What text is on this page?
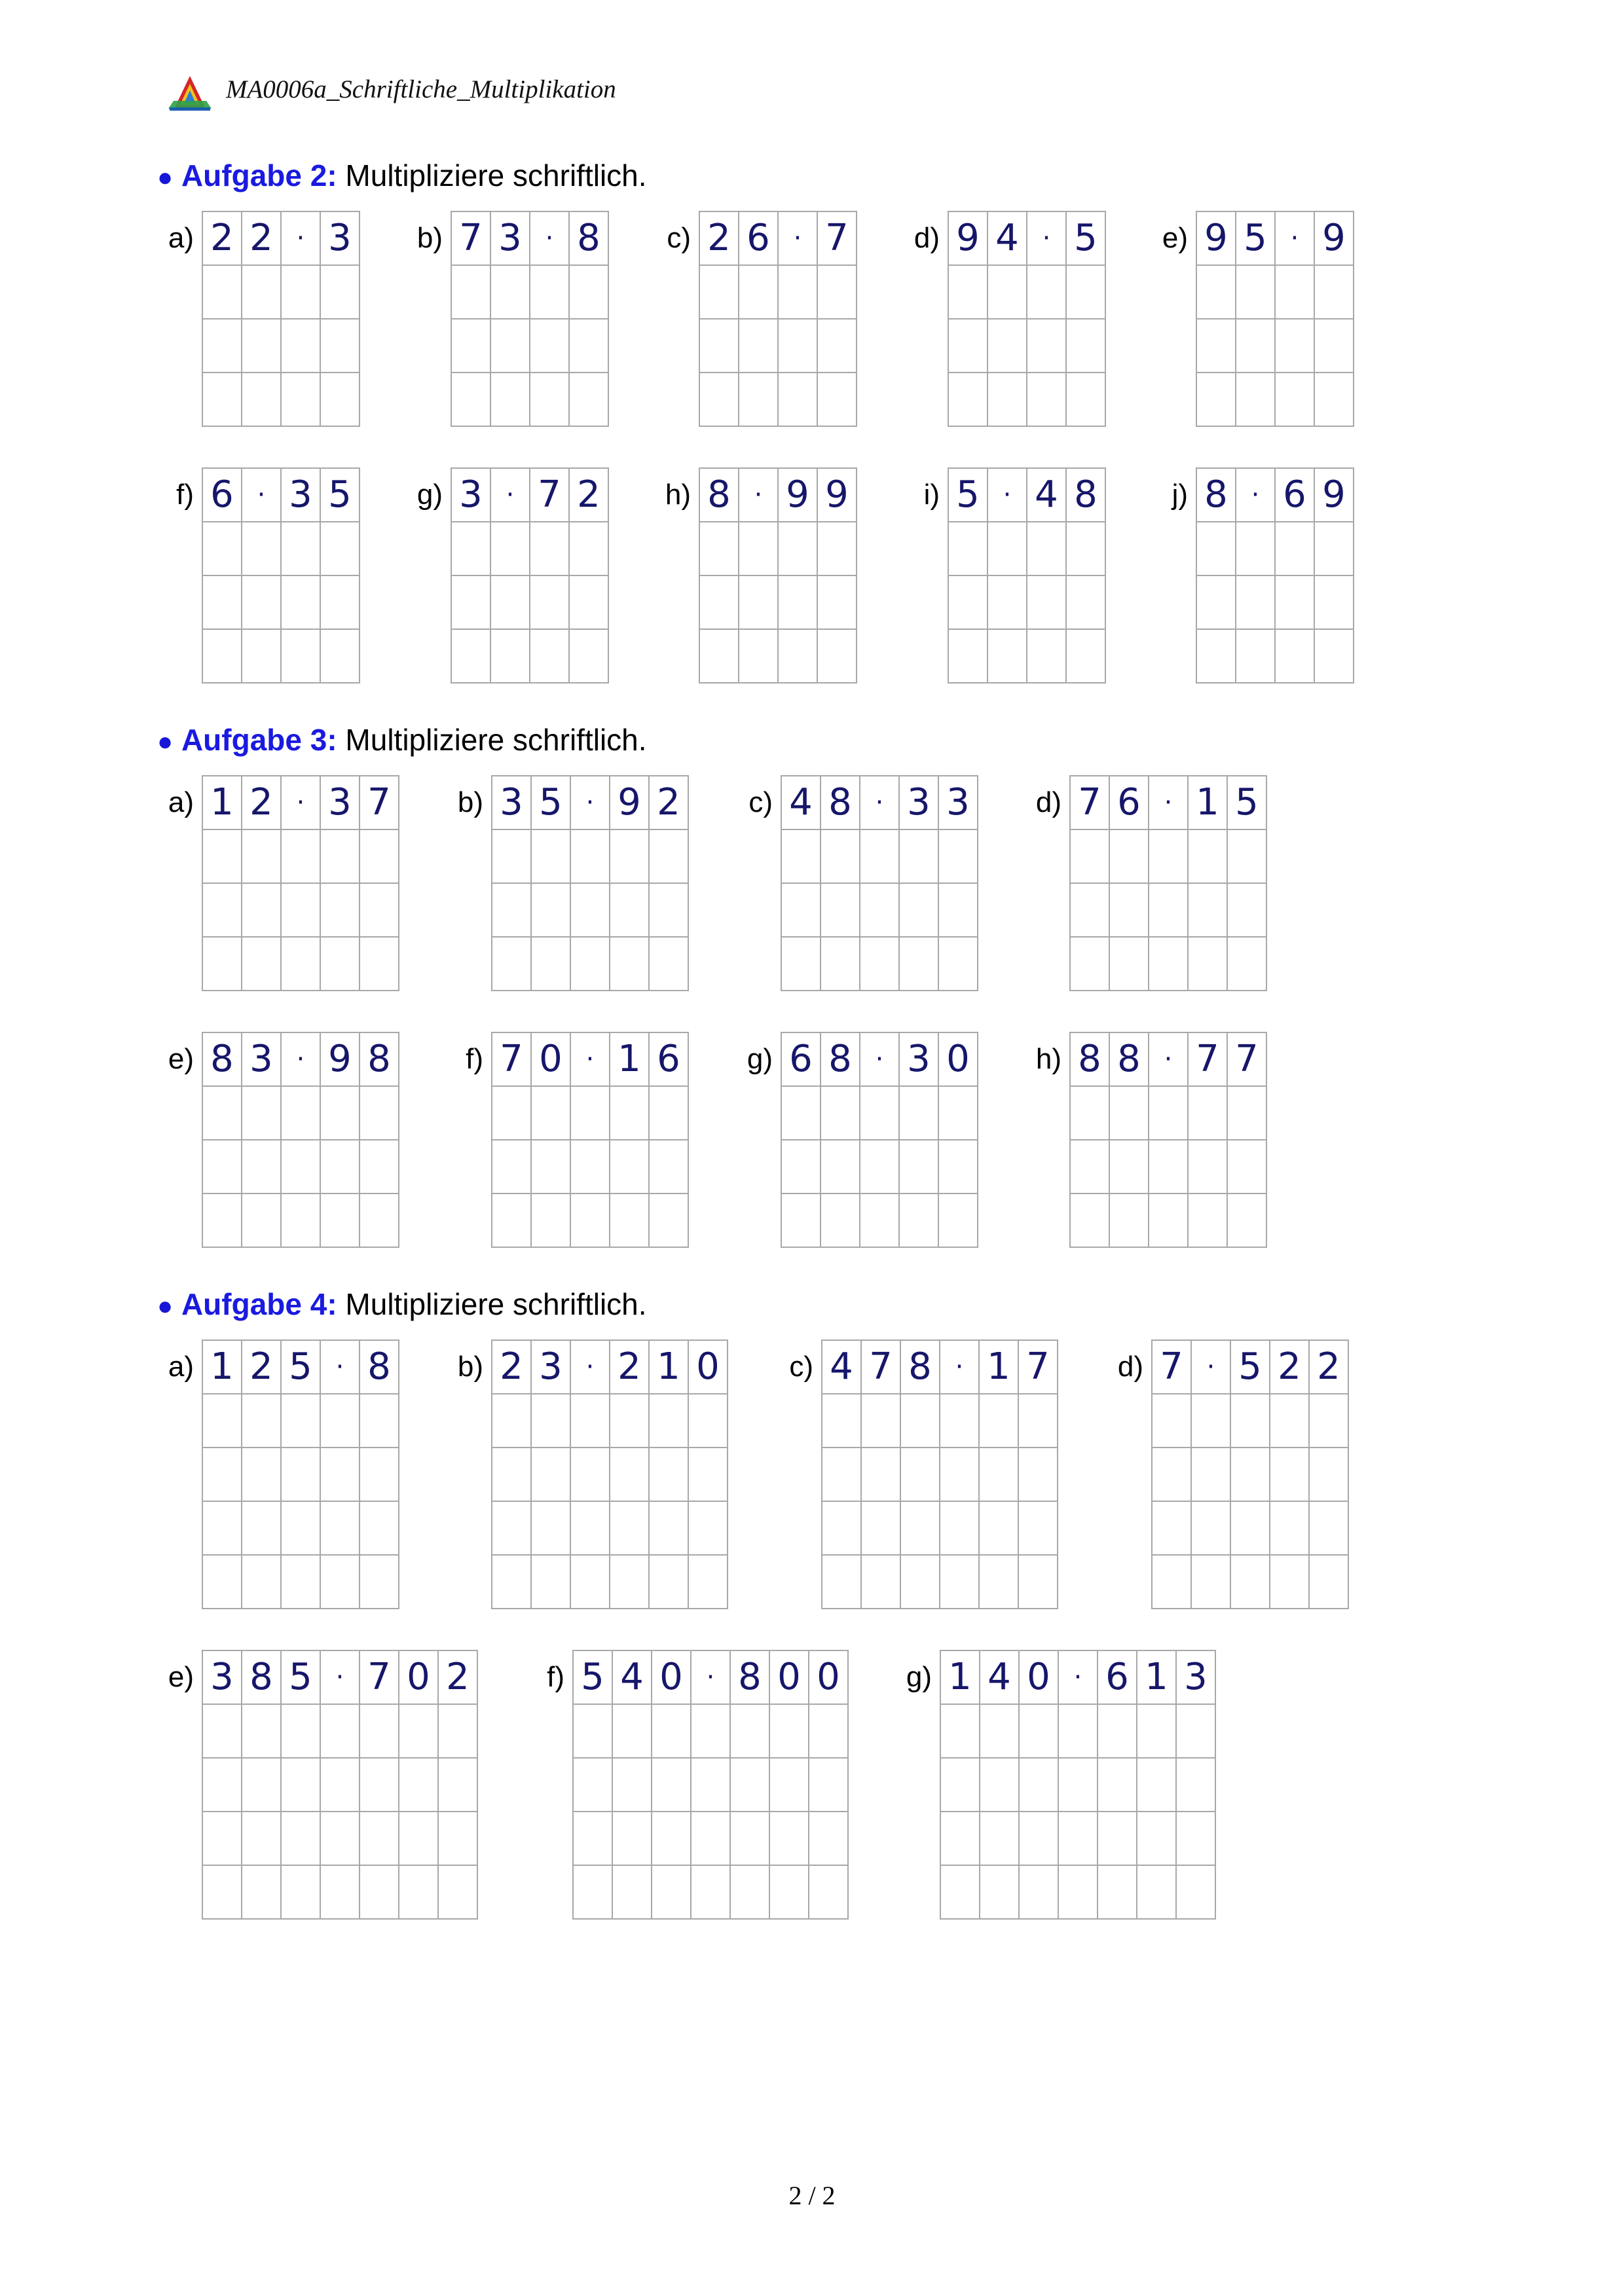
MA0006a_Schriftliche_Multiplikation
● Aufgabe 2: Multipliziere schriftlich.
a) 2 2 · 3 b) 7 3 · 8 c) 2 6 · 7 d) 9 4 · 5 e) 9 5 · 9
f) 6 · 3 5 g) 3 · 7 2 h) 8 · 9 9	i) 5 · 4 8	j) 8 · 6 9
● Aufgabe 3: Multipliziere schriftlich.
a) 1 2 · 3 7 b) 3 5 · 9 2 c) 4 8 · 3 3 d) 7 6 · 1 5
e) 8 3 · 9 8	f) 7 0 · 1 6 g) 6 8 · 3 0 h) 8 8 · 7 7
● Aufgabe 4: Multipliziere schriftlich.
a) 1 2 5 · 8 b) 2 3 · 2 1 0 c) 4 7 8 · 1 7 d) 7 · 5 2 2
e) 3 8 5 · 7 0 2	f) 5 4 0 · 8 0 0 g) 1 4 0 · 6 1 3
2 / 2
